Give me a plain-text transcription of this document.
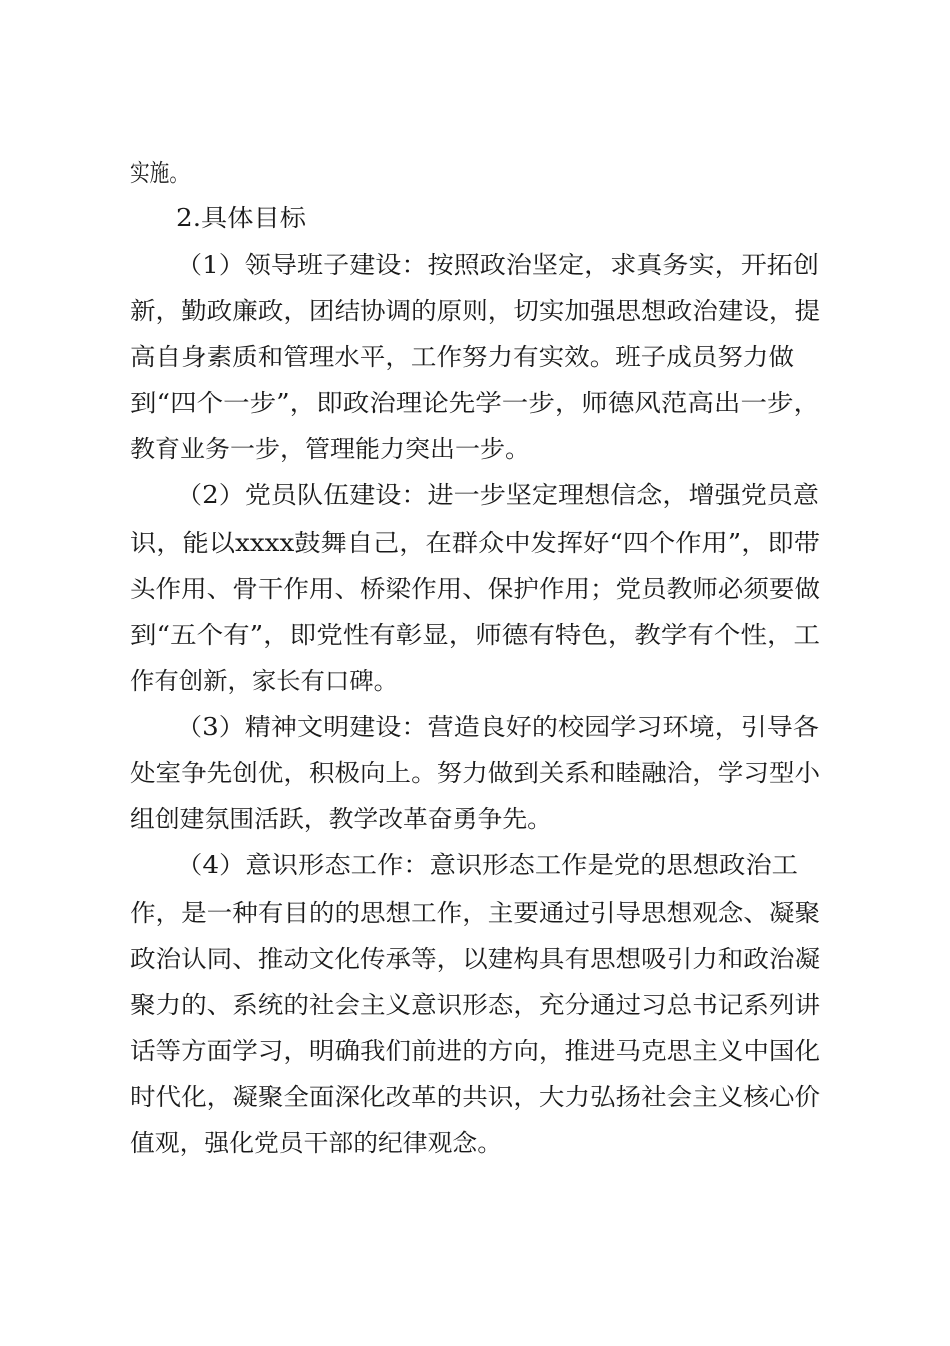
实施。
2.具体目标
（1）领导班子建设：按照政治坚定，求真务实，开拓创
新，勤政廉政，团结协调的原则，切实加强思想政治建设，提
高自身素质和管理水平，工作努力有实效。班子成员努力做
到“四个一步”，即政治理论先学一步，师德风范高出一步，
教育业务一步，管理能力突出一步。
（2）党员队伍建设：进一步坚定理想信念，增强党员意
识，能以xxxx鼓舞自己，在群众中发挥好“四个作用”，即带
头作用、骨干作用、桥梁作用、保护作用；党员教师必须要做
到“五个有”，即党性有彰显，师德有特色，教学有个性，工
作有创新，家长有口碑。
（3）精神文明建设：营造良好的校园学习环境，引导各
处室争先创优，积极向上。努力做到关系和睦融洽，学习型小
组创建氛围活跃，教学改革奋勇争先。
（4）意识形态工作：意识形态工作是党的思想政治工
作，是一种有目的的思想工作，主要通过引导思想观念、凝聚
政治认同、推动文化传承等，以建构具有思想吸引力和政治凝
聚力的、系统的社会主义意识形态，充分通过习总书记系列讲
话等方面学习，明确我们前进的方向，推进马克思主义中国化
时代化，凝聚全面深化改革的共识，大力弘扬社会主义核心价
值观，强化党员干部的纪律观念。
